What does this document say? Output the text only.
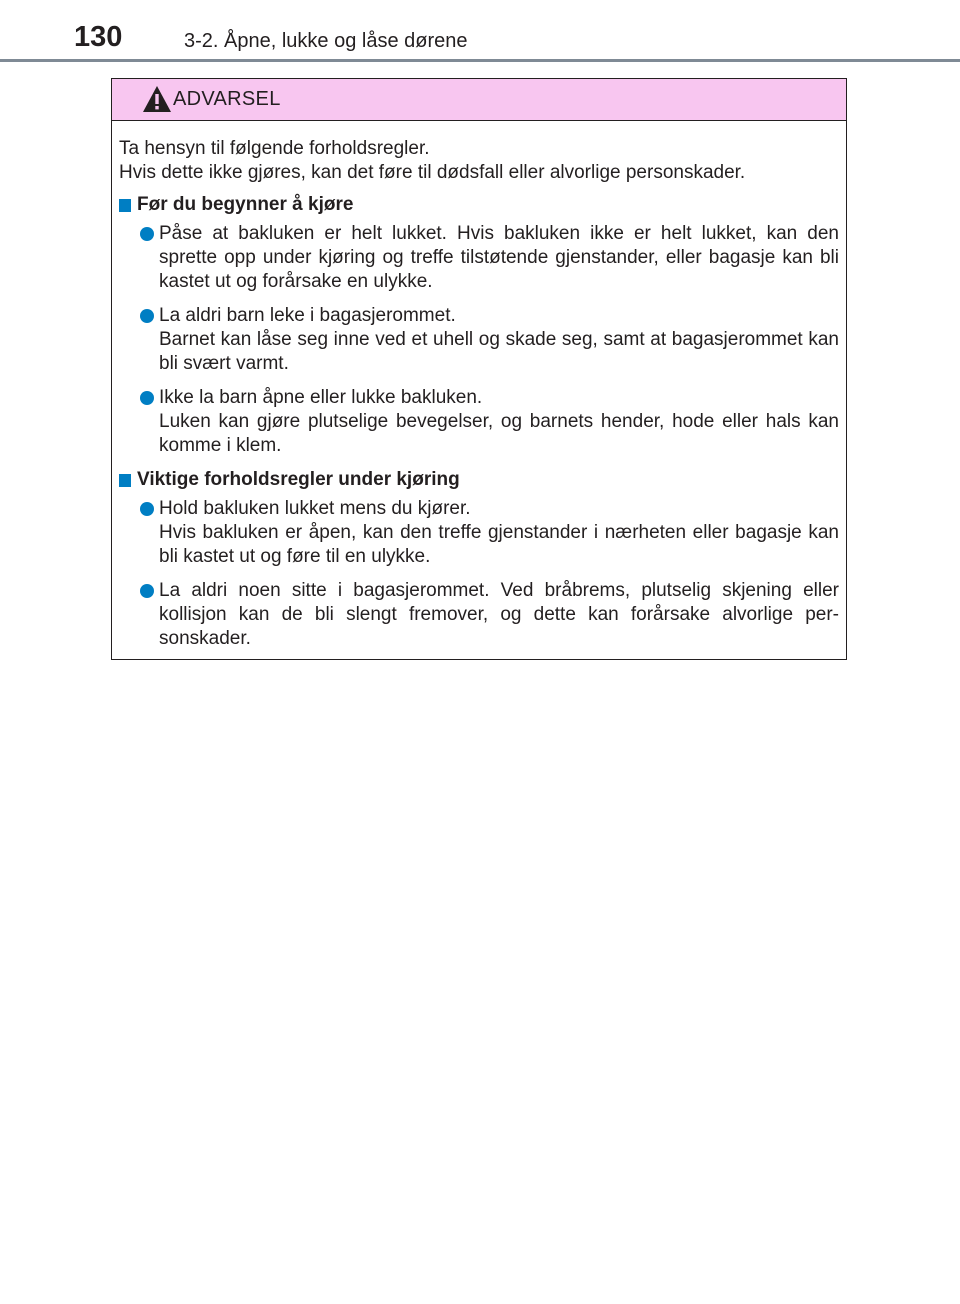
130	3-2. Åpne, lukke og låse dørene
ADVARSEL

Ta hensyn til følgende forholdsregler.
Hvis dette ikke gjøres, kan det føre til dødsfall eller alvorlige personskader.

Før du begynner å kjøre
Påse at bakluken er helt lukket. Hvis bakluken ikke er helt lukket, kan den sprette opp under kjøring og treffe tilstøtende gjenstander, eller bagasje kan bli kastet ut og forårsake en ulykke.
La aldri barn leke i bagasjerommet.
Barnet kan låse seg inne ved et uhell og skade seg, samt at bagasjerommet kan bli svært varmt.
Ikke la barn åpne eller lukke bakluken.
Luken kan gjøre plutselige bevegelser, og barnets hender, hode eller hals kan komme i klem.
Viktige forholdsregler under kjøring
Hold bakluken lukket mens du kjører.
Hvis bakluken er åpen, kan den treffe gjenstander i nærheten eller bagasje kan bli kastet ut og føre til en ulykke.
La aldri noen sitte i bagasjerommet. Ved bråbrems, plutselig skjening eller kollisjon kan de bli slengt fremover, og dette kan forårsake alvorlige per-sonskader.
